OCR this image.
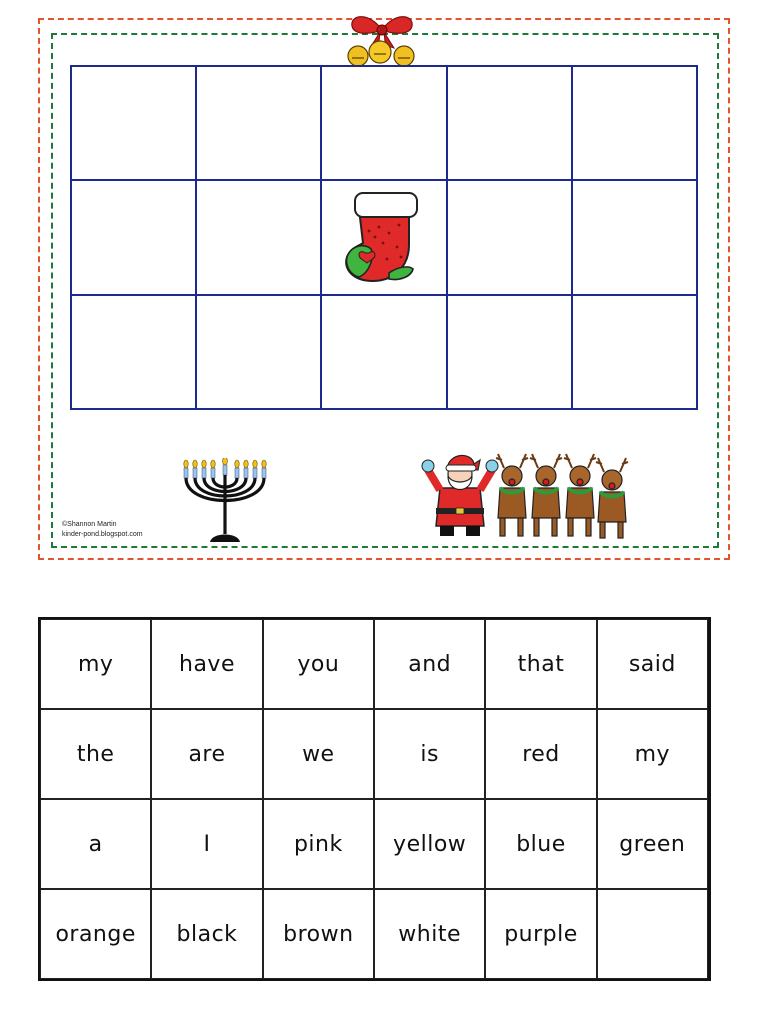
©Shannon Martin
kinder-pond.blogspot.com
my	have	you	and	that	said
the	are	we	is	red	my
a	I	pink	yellow	blue	green
orange	black	brown	white	purple
